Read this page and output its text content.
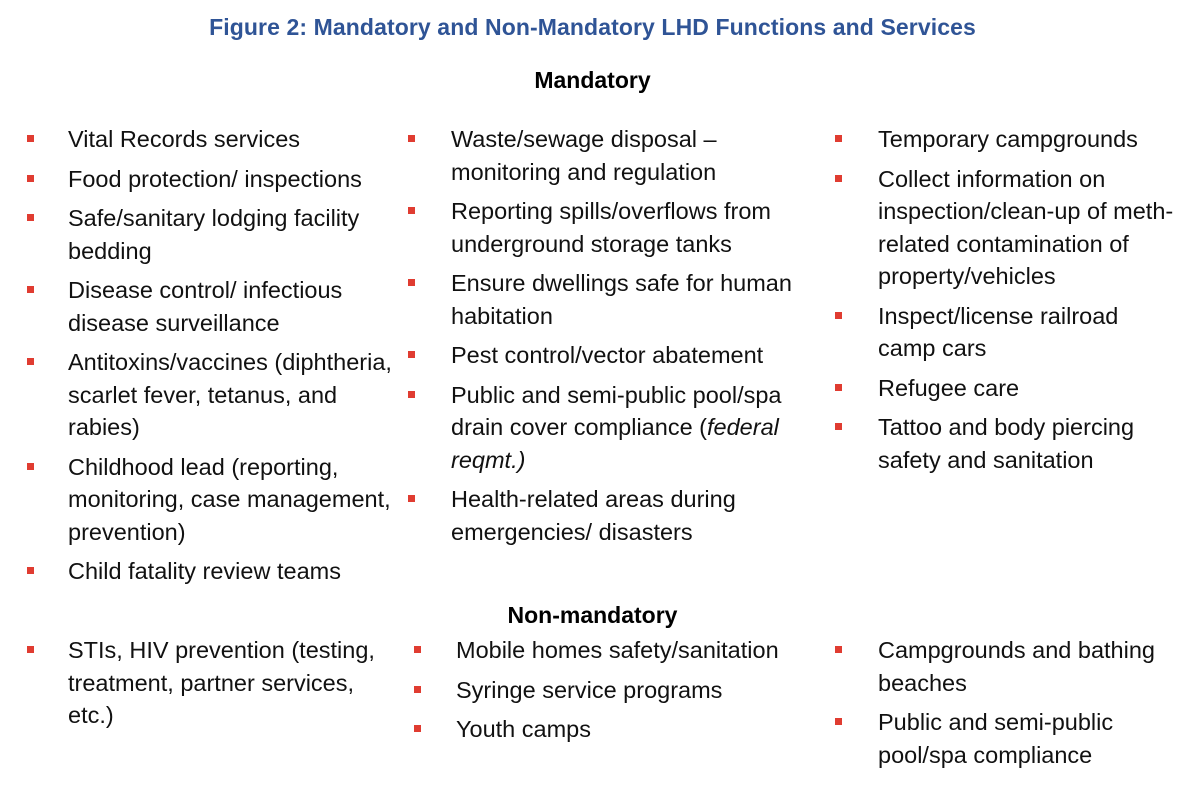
Figure 2: Mandatory and Non-Mandatory LHD Functions and Services
Mandatory
Vital Records services
Food protection/ inspections
Safe/sanitary lodging facility bedding
Disease control/ infectious disease surveillance
Antitoxins/vaccines (diphtheria, scarlet fever, tetanus, and rabies)
Childhood lead (reporting, monitoring, case management, prevention)
Child fatality review teams
Waste/sewage disposal – monitoring and regulation
Reporting spills/overflows from underground storage tanks
Ensure dwellings safe for human habitation
Pest control/vector abatement
Public and semi-public pool/spa drain cover compliance (federal reqmt.)
Health-related areas during emergencies/ disasters
Temporary campgrounds
Collect information on inspection/clean-up of meth-related contamination of property/vehicles
Inspect/license railroad camp cars
Refugee care
Tattoo and body piercing safety and sanitation
Non-mandatory
STIs, HIV prevention (testing, treatment, partner services, etc.)
Mobile homes safety/sanitation
Syringe service programs
Youth camps
Campgrounds and bathing beaches
Public and semi-public pool/spa compliance
